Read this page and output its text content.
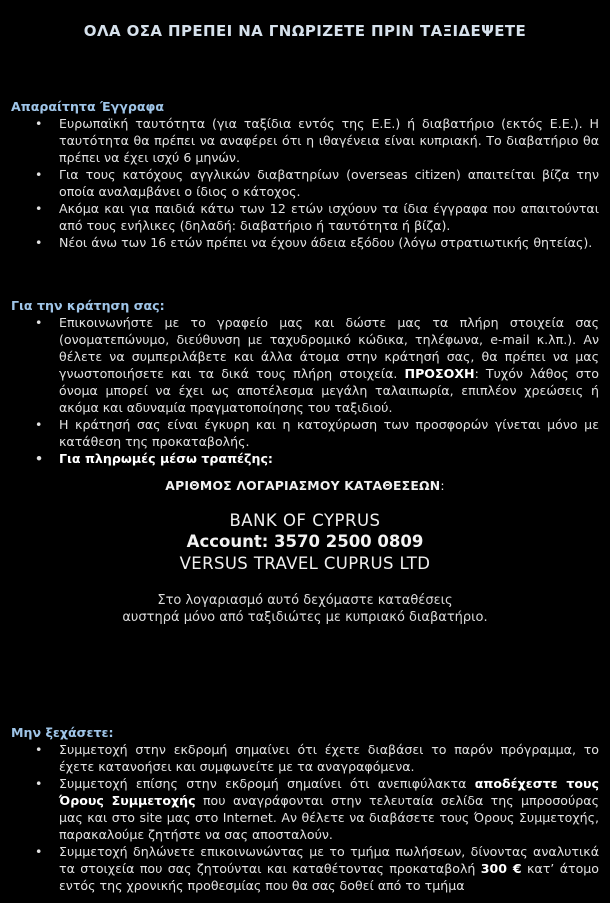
ΟΛΑ ΟΣΑ ΠΡΕΠΕΙ ΝΑ ΓΝΩΡΙΖΕΤΕ ΠΡΙΝ ΤΑΞΙΔΕΨΕΤΕ
Απαραίτητα Έγγραφα
• Ευρωπαϊκή ταυτότητα (για ταξίδια εντός της Ε.Ε.) ή διαβατήριο (εκτός Ε.Ε.). Η ταυτότητα θα πρέπει να αναφέρει ότι η ιθαγένεια είναι κυπριακή. Το διαβατήριο θα πρέπει να έχει ισχύ 6 μηνών.
• Για τους κατόχους αγγλικών διαβατηρίων (overseas citizen) απαιτείται βίζα την οποία αναλαμβάνει ο ίδιος ο κάτοχος.
• Ακόμα και για παιδιά κάτω των 12 ετών ισχύουν τα ίδια έγγραφα που απαιτούνται από τους ενήλικες (δηλαδή: διαβατήριο ή ταυτότητα ή βίζα).
• Νέοι άνω των 16 ετών πρέπει να έχουν άδεια εξόδου (λόγω στρατιωτικής θητείας).
Για την κράτηση σας:
• Επικοινωνήστε με το γραφείο μας και δώστε μας τα πλήρη στοιχεία σας (ονοματεπώνυμο, διεύθυνση με ταχυδρομικό κώδικα, τηλέφωνα, e-mail κ.λπ.). Αν θέλετε να συμπεριλάβετε και άλλα άτομα στην κράτησή σας, θα πρέπει να μας γνωστοποιήσετε και τα δικά τους πλήρη στοιχεία. ΠΡΟΣΟΧΗ: Τυχόν λάθος στο όνομα μπορεί να έχει ως αποτέλεσμα μεγάλη ταλαιπωρία, επιπλέον χρεώσεις ή ακόμα και αδυναμία πραγματοποίησης του ταξιδιού.
• Η κράτησή σας είναι έγκυρη και η κατοχύρωση των προσφορών γίνεται μόνο με κατάθεση της προκαταβολής.
• Για πληρωμές μέσω τραπέζης:
ΑΡΙΘΜΟΣ ΛΟΓΑΡΙΑΣΜΟΥ ΚΑΤΑΘΕΣΕΩΝ:
BANK OF CYPRUS
Account: 3570 2500 0809
VERSUS TRAVEL CUPRUS LTD
Στο λογαριασμό αυτό δεχόμαστε καταθέσεις
αυστηρά μόνο από ταξιδιώτες με κυπριακό διαβατήριο.
Μην ξεχάσετε:
• Συμμετοχή στην εκδρομή σημαίνει ότι έχετε διαβάσει το παρόν πρόγραμμα, το έχετε κατανοήσει και συμφωνείτε με τα αναγραφόμενα.
• Συμμετοχή επίσης στην εκδρομή σημαίνει ότι ανεπιφύλακτα αποδέχεστε τους Όρους Συμμετοχής που αναγράφονται στην τελευταία σελίδα της μπροσούρας μας και στο site μας στο Internet. Αν θέλετε να διαβάσετε τους Όρους Συμμετοχής, παρακαλούμε ζητήστε να σας αποσταλούν.
• Συμμετοχή δηλώνετε επικοινωνώντας με το τμήμα πωλήσεων, δίνοντας αναλυτικά τα στοιχεία που σας ζητούνται και καταθέτοντας προκαταβολή 300 € κατ’ άτομο εντός της χρονικής προθεσμίας που θα σας δοθεί από το τμήμα
